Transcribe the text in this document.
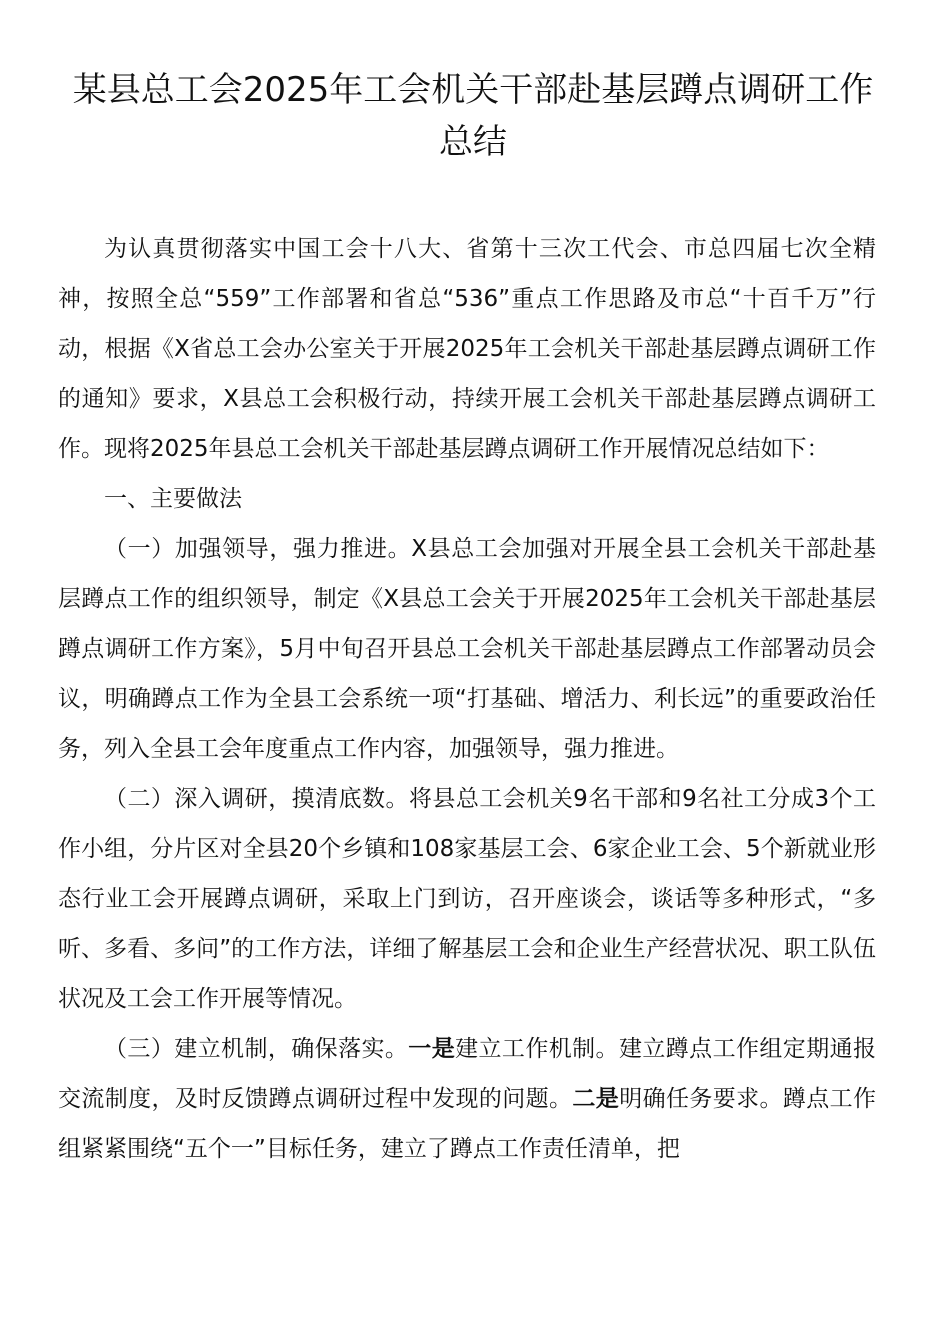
某县总工会2025年工会机关干部赴基层蹲点调研工作总结

为认真贯彻落实中国工会十八大、省第十三次工代会、市总四届七次全精神，按照全总“559”工作部署和省总“536”重点工作思路及市总“十百千万”行动，根据《X省总工会办公室关于开展2025年工会机关干部赴基层蹲点调研工作的通知》要求，X县总工会积极行动，持续开展工会机关干部赴基层蹲点调研工作。现将2025年县总工会机关干部赴基层蹲点调研工作开展情况总结如下：

一、主要做法

（一）加强领导，强力推进。X县总工会加强对开展全县工会机关干部赴基层蹲点工作的组织领导，制定《X县总工会关于开展2025年工会机关干部赴基层蹲点调研工作方案》，5月中旬召开县总工会机关干部赴基层蹲点工作部署动员会议，明确蹲点工作为全县工会系统一项“打基础、增活力、利长远”的重要政治任务，列入全县工会年度重点工作内容，加强领导，强力推进。

（二）深入调研，摸清底数。将县总工会机关9名干部和9名社工分成3个工作小组，分片区对全县20个乡镇和108家基层工会、6家企业工会、5个新就业形态行业工会开展蹲点调研，采取上门到访，召开座谈会，谈话等多种形式，“多听、多看、多问”的工作方法，详细了解基层工会和企业生产经营状况、职工队伍状况及工会工作开展等情况。

（三）建立机制，确保落实。一是建立工作机制。建立蹲点工作组定期通报交流制度，及时反馈蹲点调研过程中发现的问题。二是明确任务要求。蹲点工作组紧紧围绕“五个一”目标任务，建立了蹲点工作责任清单，把
